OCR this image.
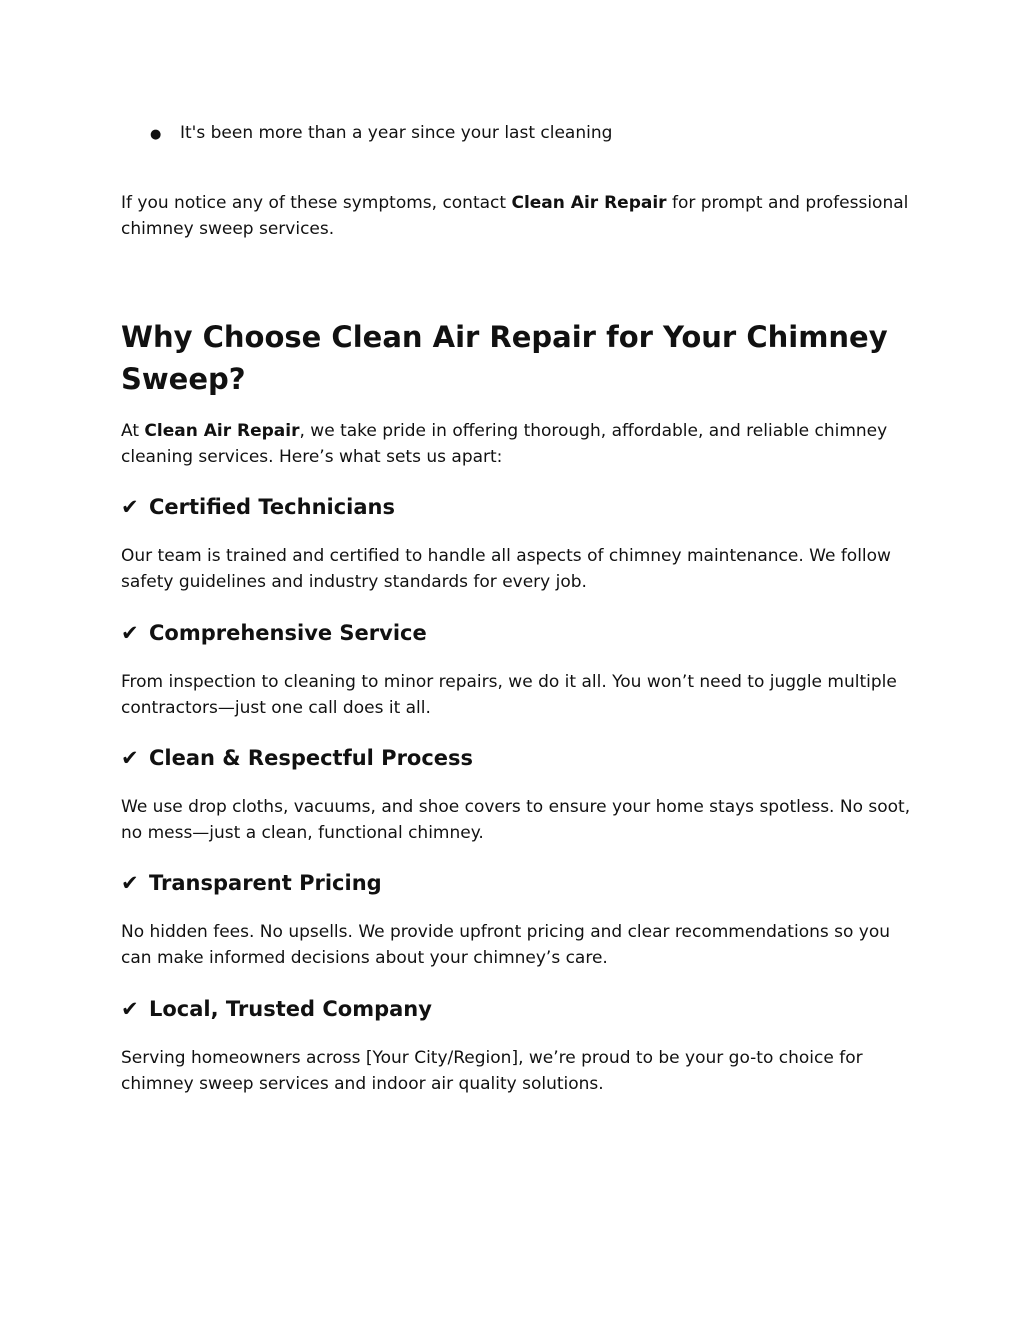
●	It's been more than a year since your last cleaning

If you notice any of these symptoms, contact Clean Air Repair for prompt and professional chimney sweep services.

Why Choose Clean Air Repair for Your Chimney Sweep?

At Clean Air Repair, we take pride in offering thorough, affordable, and reliable chimney cleaning services. Here’s what sets us apart:

✔ Certified Technicians

Our team is trained and certified to handle all aspects of chimney maintenance. We follow safety guidelines and industry standards for every job.

✔ Comprehensive Service

From inspection to cleaning to minor repairs, we do it all. You won’t need to juggle multiple contractors—just one call does it all.

✔ Clean & Respectful Process

We use drop cloths, vacuums, and shoe covers to ensure your home stays spotless. No soot, no mess—just a clean, functional chimney.

✔ Transparent Pricing

No hidden fees. No upsells. We provide upfront pricing and clear recommendations so you can make informed decisions about your chimney’s care.

✔ Local, Trusted Company

Serving homeowners across [Your City/Region], we’re proud to be your go-to choice for chimney sweep services and indoor air quality solutions.
